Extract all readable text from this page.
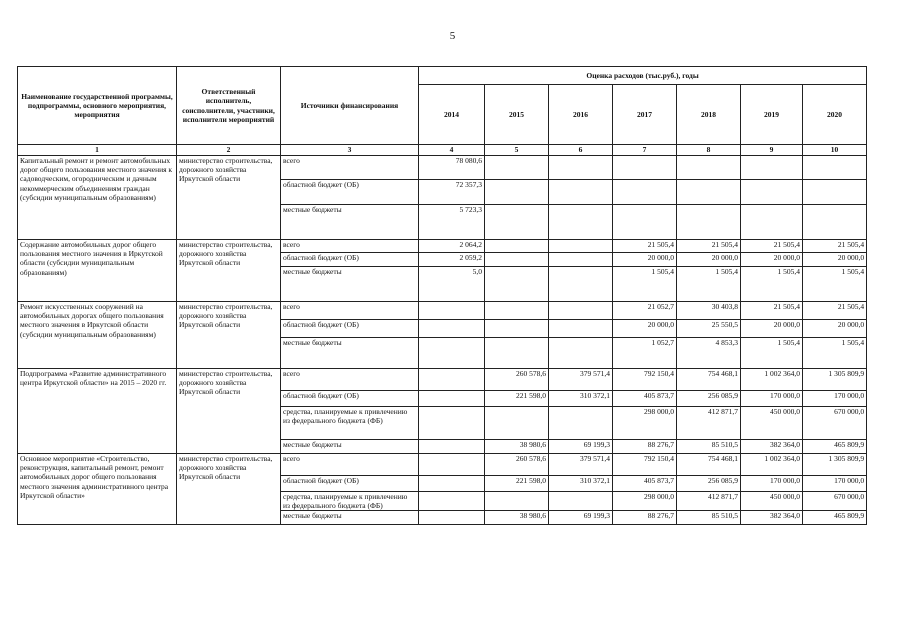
5
Наименование государственной программы, подпрограммы, основного мероприятия, мероприятия	Ответственный исполнитель, соисполнители, участники, исполнители мероприятий	Источники финансирования	Оценка расходов (тыс.руб.), годы						
			2014	2015	2016	2017	2018	2019	2020
1	2	3	4	5	6	7	8	9	10
Капитальный ремонт и ремонт автомобильных дорог общего пользования местного значения к садоводческим, огородническим и дачным некоммерческим объединениям граждан (субсидии муниципальным образованиям)	министерство строительства, дорожного хозяйства Иркутской области	всего	78 080,6						
		областной бюджет (ОБ)	72 357,3						
		местные бюджеты	5 723,3						
Содержание автомобильных дорог общего пользования местного значения в Иркутской области (субсидии муниципальным образованиям)	министерство строительства, дорожного хозяйства Иркутской области	всего	2 064,2			21 505,4	21 505,4	21 505,4	21 505,4
		областной бюджет (ОБ)	2 059,2			20 000,0	20 000,0	20 000,0	20 000,0
		местные бюджеты	5,0			1 505,4	1 505,4	1 505,4	1 505,4
Ремонт искусственных сооружений на автомобильных дорогах общего пользования местного значения в Иркутской области (субсидии муниципальным образованиям)	министерство строительства, дорожного хозяйства Иркутской области	всего				21 052,7	30 403,8	21 505,4	21 505,4
		областной бюджет (ОБ)				20 000,0	25 550,5	20 000,0	20 000,0
		местные бюджеты				1 052,7	4 853,3	1 505,4	1 505,4
Подпрограмма «Развитие административного центра Иркутской области» на 2015 – 2020 гг.	министерство строительства, дорожного хозяйства Иркутской области	всего		260 578,6	379 571,4	792 150,4	754 468,1	1 002 364,0	1 305 809,9
		областной бюджет (ОБ)		221 598,0	310 372,1	405 873,7	256 085,9	170 000,0	170 000,0
		средства, планируемые к привлечению из федерального бюджета (ФБ)				298 000,0	412 871,7	450 000,0	670 000,0
		местные бюджеты		38 980,6	69 199,3	88 276,7	85 510,5	382 364,0	465 809,9
Основное мероприятие «Строительство, реконструкция, капитальный ремонт, ремонт автомобильных дорог общего пользования местного значения административного центра Иркутской области»	министерство строительства, дорожного хозяйства Иркутской области	всего		260 578,6	379 571,4	792 150,4	754 468,1	1 002 364,0	1 305 809,9
		областной бюджет (ОБ)		221 598,0	310 372,1	405 873,7	256 085,9	170 000,0	170 000,0
		средства, планируемые к привлечению из федерального бюджета (ФБ)				298 000,0	412 871,7	450 000,0	670 000,0
		местные бюджеты		38 980,6	69 199,3	88 276,7	85 510,5	382 364,0	465 809,9
